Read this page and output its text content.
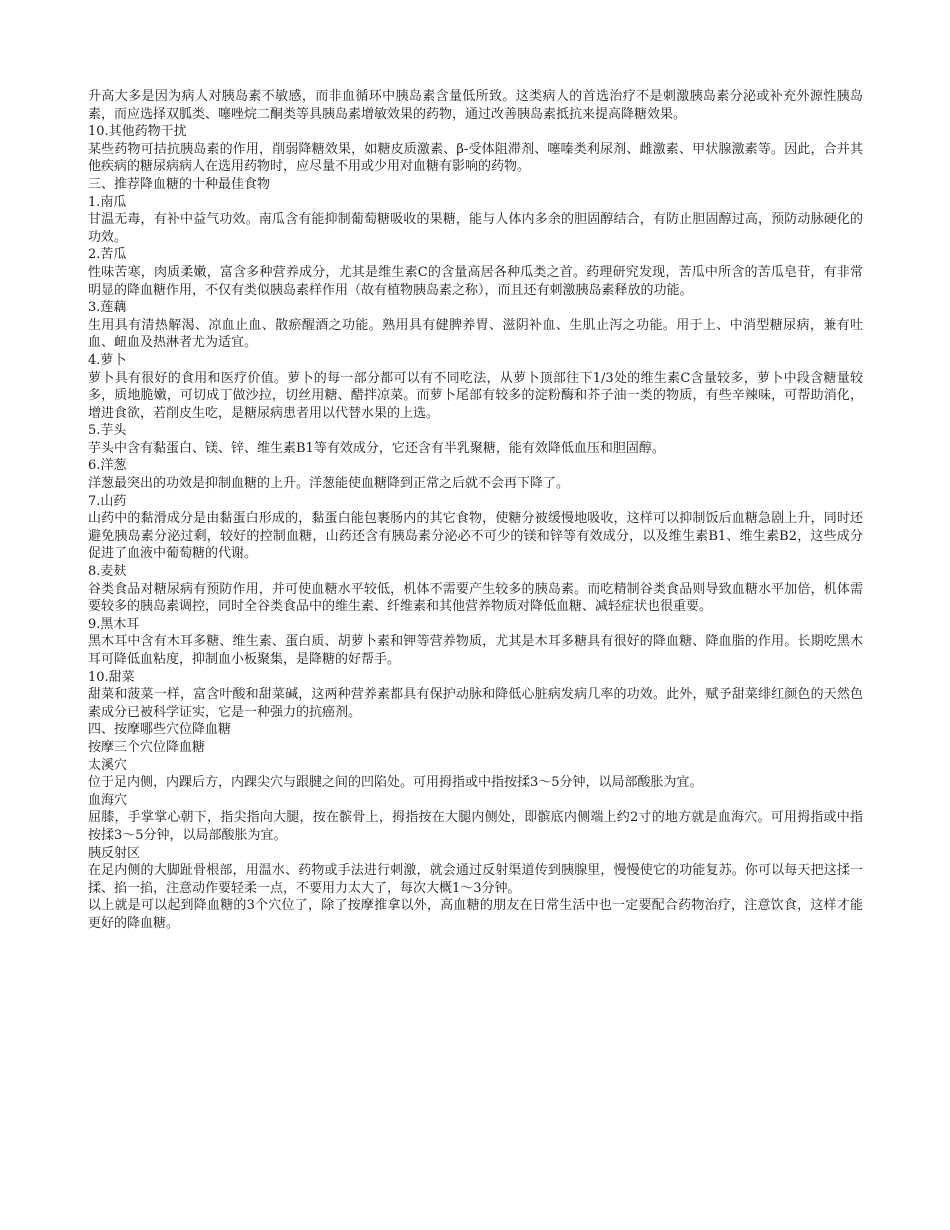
升高大多是因为病人对胰岛素不敏感，而非血循环中胰岛素含量低所致。这类病人的首选治疗不是刺激胰岛素分泌或补充外源性胰岛素，而应选择双胍类、噻唑烷二酮类等具胰岛素增敏效果的药物，通过改善胰岛素抵抗来提高降糖效果。

10.其他药物干扰

某些药物可拮抗胰岛素的作用，削弱降糖效果，如糖皮质激素、β-受体阻滞剂、噻嗪类利尿剂、雌激素、甲状腺激素等。因此，合并其他疾病的糖尿病病人在选用药物时，应尽量不用或少用对血糖有影响的药物。

三、推荐降血糖的十种最佳食物

1.南瓜

甘温无毒，有补中益气功效。南瓜含有能抑制葡萄糖吸收的果糖，能与人体内多余的胆固醇结合，有防止胆固醇过高，预防动脉硬化的功效。

2.苦瓜

性味苦寒，肉质柔嫩，富含多种营养成分，尤其是维生素C的含量高居各种瓜类之首。药理研究发现，苦瓜中所含的苦瓜皂苷，有非常明显的降血糖作用，不仅有类似胰岛素样作用（故有植物胰岛素之称），而且还有刺激胰岛素释放的功能。

3.莲藕

生用具有清热解渴、凉血止血、散瘀醒酒之功能。熟用具有健脾养胃、滋阴补血、生肌止泻之功能。用于上、中消型糖尿病，兼有吐血、衄血及热淋者尤为适宜。

4.萝卜

萝卜具有很好的食用和医疗价值。萝卜的每一部分都可以有不同吃法，从萝卜顶部往下1/3处的维生素C含量较多，萝卜中段含糖量较多，质地脆嫩，可切成丁做沙拉，切丝用糖、醋拌凉菜。而萝卜尾部有较多的淀粉酶和芥子油一类的物质，有些辛辣味，可帮助消化，增进食欲，若削皮生吃，是糖尿病患者用以代替水果的上选。

5.芋头

芋头中含有黏蛋白、镁、锌、维生素B1等有效成分，它还含有半乳聚糖，能有效降低血压和胆固醇。

6.洋葱

洋葱最突出的功效是抑制血糖的上升。洋葱能使血糖降到正常之后就不会再下降了。

7.山药

山药中的黏滑成分是由黏蛋白形成的，黏蛋白能包裹肠内的其它食物，使糖分被缓慢地吸收，这样可以抑制饭后血糖急剧上升，同时还避免胰岛素分泌过剩，较好的控制血糖，山药还含有胰岛素分泌必不可少的镁和锌等有效成分，以及维生素B1、维生素B2，这些成分促进了血液中葡萄糖的代谢。

8.麦麸

谷类食品对糖尿病有预防作用，并可使血糖水平较低，机体不需要产生较多的胰岛素。而吃精制谷类食品则导致血糖水平加倍，机体需要较多的胰岛素调控，同时全谷类食品中的维生素、纤维素和其他营养物质对降低血糖、减轻症状也很重要。

9.黑木耳

黑木耳中含有木耳多糖、维生素、蛋白质、胡萝卜素和钾等营养物质，尤其是木耳多糖具有很好的降血糖、降血脂的作用。长期吃黑木耳可降低血粘度，抑制血小板聚集，是降糖的好帮手。

10.甜菜

甜菜和菠菜一样，富含叶酸和甜菜碱，这两种营养素都具有保护动脉和降低心脏病发病几率的功效。此外，赋予甜菜绯红颜色的天然色素成分已被科学证实，它是一种强力的抗癌剂。

四、按摩哪些穴位降血糖

按摩三个穴位降血糖

太溪穴

位于足内侧，内踝后方，内踝尖穴与跟腱之间的凹陷处。可用拇指或中指按揉3～5分钟，以局部酸胀为宜。

血海穴

屈膝，手掌掌心朝下，指尖指向大腿，按在髌骨上，拇指按在大腿内侧处，即髌底内侧端上约2寸的地方就是血海穴。可用拇指或中指按揉3～5分钟，以局部酸胀为宜。

胰反射区

在足内侧的大脚趾骨根部，用温水、药物或手法进行刺激，就会通过反射渠道传到胰腺里，慢慢使它的功能复苏。你可以每天把这揉一揉、掐一掐，注意动作要轻柔一点，不要用力太大了，每次大概1～3分钟。

以上就是可以起到降血糖的3个穴位了，除了按摩推拿以外，高血糖的朋友在日常生活中也一定要配合药物治疗，注意饮食，这样才能更好的降血糖。
